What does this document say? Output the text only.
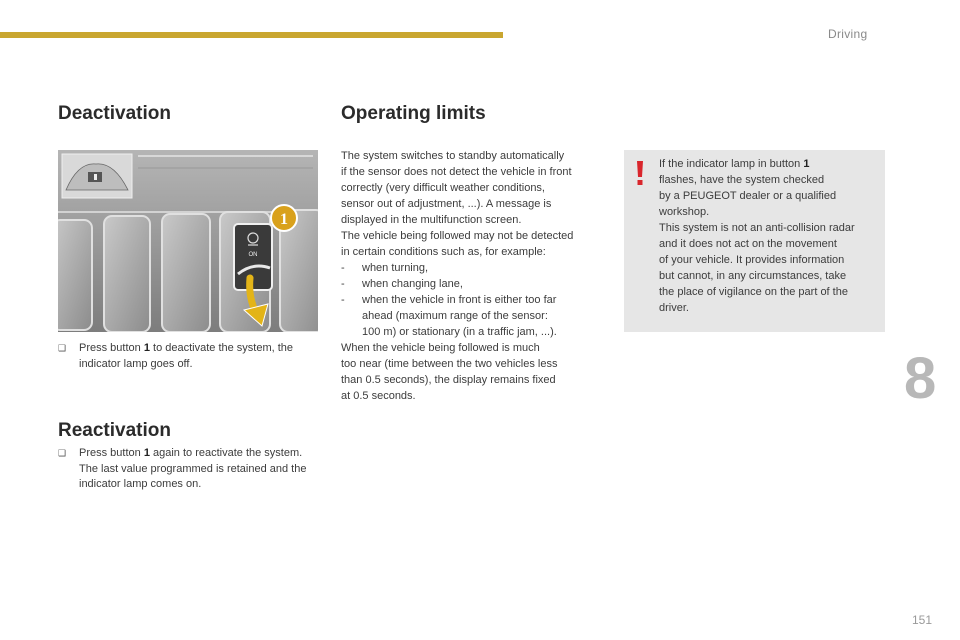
Driving
Deactivation	Operating limits
ON
1
❑ Press button 1 to deactivate the system, the indicator lamp goes off.
Reactivation
❑ Press button 1 again to reactivate the system.
The last value programmed is retained and the indicator lamp comes on.
The system switches to standby automatically
if the sensor does not detect the vehicle in front
correctly (very difficult weather conditions,
sensor out of adjustment, ...). A message is
displayed in the multifunction screen.
The vehicle being followed may not be detected
in certain conditions such as, for example:
- when turning,
- when changing lane,
- when the vehicle in front is either too far
ahead (maximum range of the sensor:
100 m) or stationary (in a traffic jam, ...).
When the vehicle being followed is much
too near (time between the two vehicles less
than 0.5 seconds), the display remains fixed
at 0.5 seconds.
If the indicator lamp in button 1
flashes, have the system checked
by a PEUGEOT dealer or a qualified
workshop.
This system is not an anti-collision radar
and it does not act on the movement
of your vehicle. It provides information
but cannot, in any circumstances, take
the place of vigilance on the part of the
driver.
8
151
